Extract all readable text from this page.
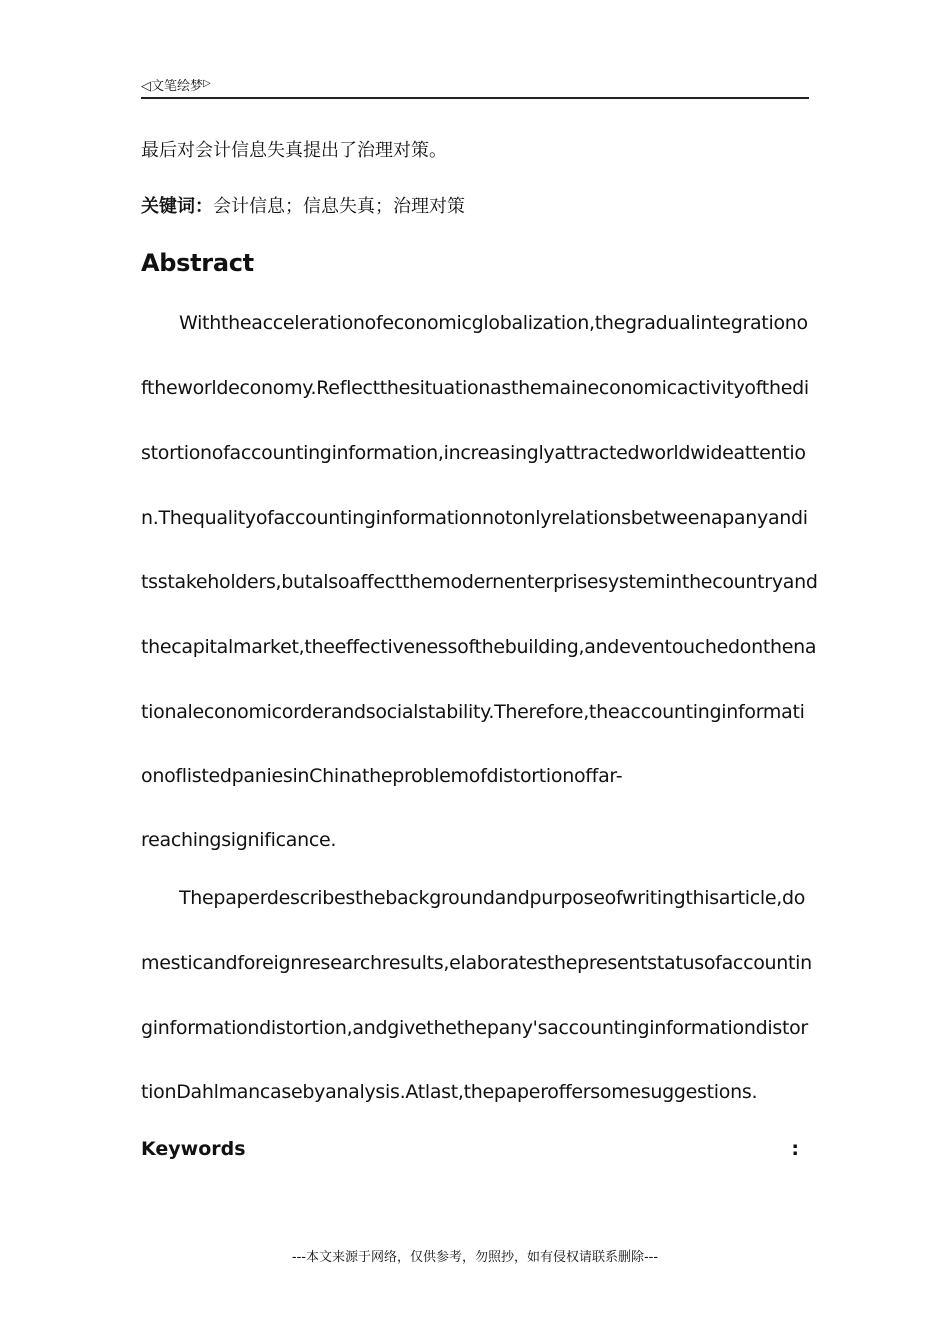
◁文笔绘梦▷
最后对会计信息失真提出了治理对策。
关键词：会计信息；信息失真；治理对策
Abstract
Withtheaccelerationofeconomicglobalization,thegradualintegrationo
ftheworldeconomy.Reflectthesituationasthemaineconomicactivityofthedi
stortionofaccountinginformation,increasinglyattractedworldwideattentio
n.Thequalityofaccountinginformationnotonlyrelationsbetweenapanyandi
tsstakeholders,butalsoaffectthemodernenterprisesysteminthecountryand
thecapitalmarket,theeffectivenessofthebuilding,andeventouchedonthena
tionaleconomicorderandsocialstability.Therefore,theaccountinginformati
onoflistedpaniesinChinatheproblemofdistortionoffar-
reachingsignificance.
Thepaperdescribesthebackgroundandpurposeofwritingthisarticle,do
mesticandforeignresearchresults,elaboratesthepresentstatusofaccountin
ginformationdistortion,andgivethethepany'saccountinginformationdistor
tionDahlmancasebyanalysis.Atlast,thepaperoffersomesuggestions.
Keywords	:
---本文来源于网络，仅供参考，勿照抄，如有侵权请联系删除---
